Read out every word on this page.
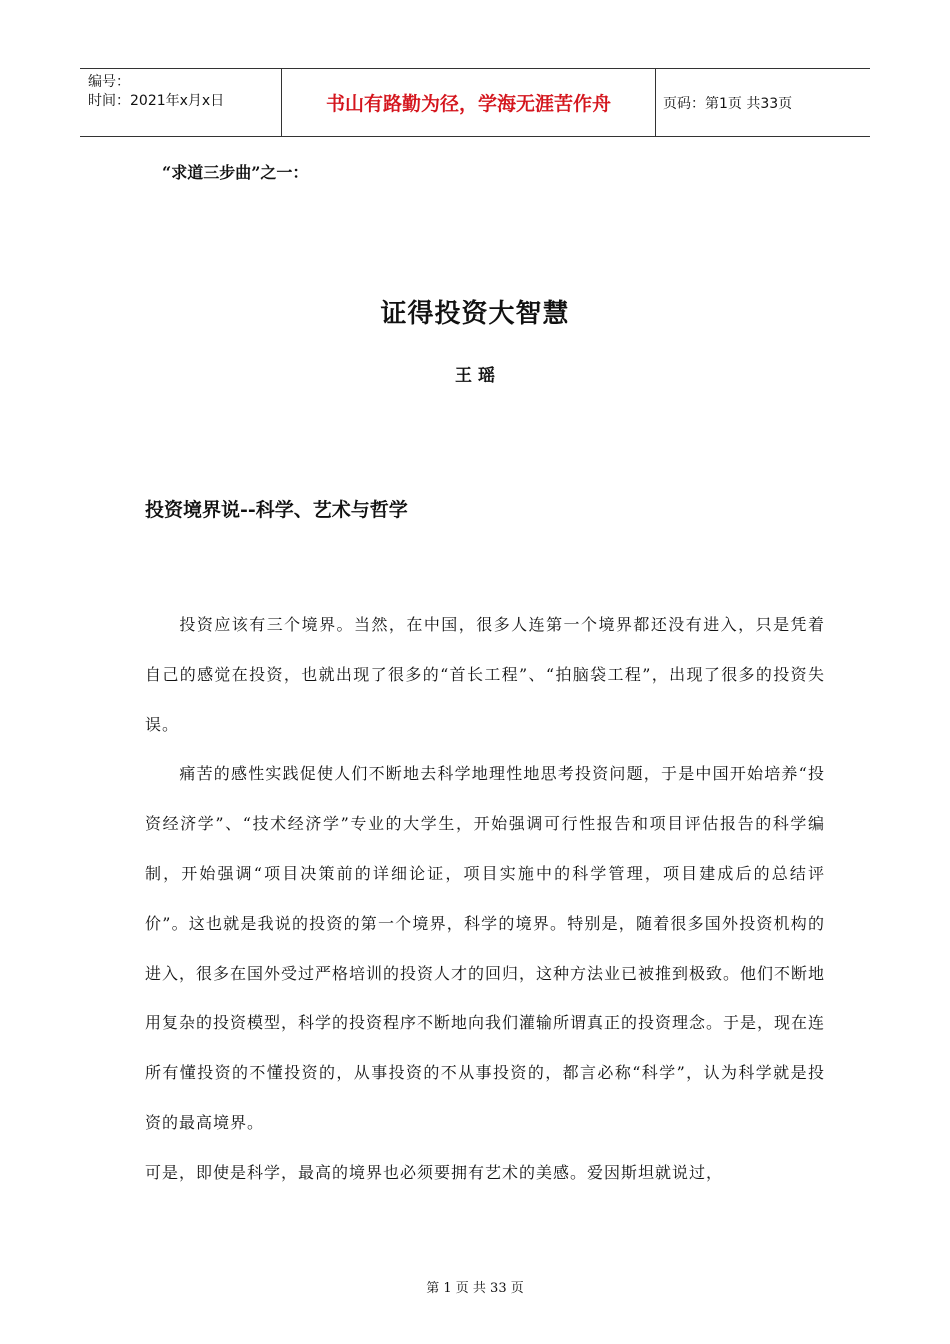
编号：
时间：2021年x月x日	书山有路勤为径，学海无涯苦作舟	页码：第1页 共33页
“求道三步曲”之一：
证得投资大智慧
王 瑶
投资境界说--科学、艺术与哲学

投资应该有三个境界。当然，在中国，很多人连第一个境界都还没有进入，只是凭着自己的感觉在投资，也就出现了很多的“首长工程”、“拍脑袋工程”，出现了很多的投资失误。

痛苦的感性实践促使人们不断地去科学地理性地思考投资问题，于是中国开始培养“投资经济学”、“技术经济学”专业的大学生，开始强调可行性报告和项目评估报告的科学编制，开始强调“项目决策前的详细论证，项目实施中的科学管理，项目建成后的总结评价”。这也就是我说的投资的第一个境界，科学的境界。特别是，随着很多国外投资机构的进入，很多在国外受过严格培训的投资人才的回归，这种方法业已被推到极致。他们不断地用复杂的投资模型，科学的投资程序不断地向我们灌输所谓真正的投资理念。于是，现在连所有懂投资的不懂投资的，从事投资的不从事投资的，都言必称“科学”，认为科学就是投资的最高境界。

可是，即使是科学，最高的境界也必须要拥有艺术的美感。爱因斯坦就说过，

第 1 页 共 33 页
